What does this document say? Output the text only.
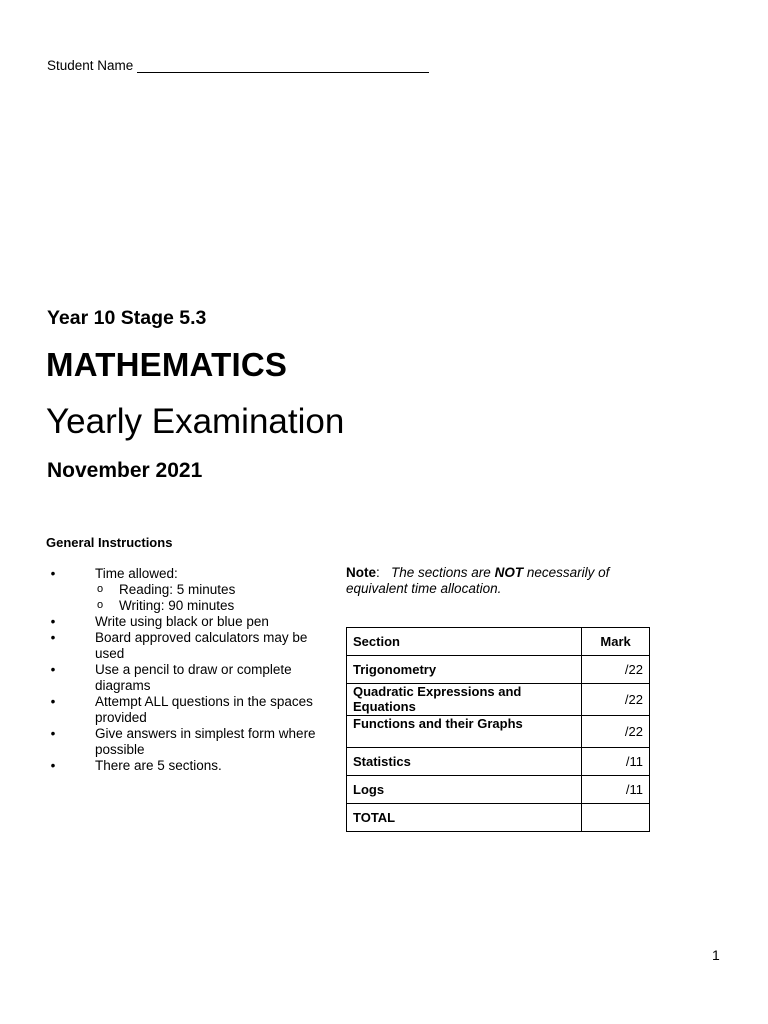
Student Name
Year 10 Stage 5.3
MATHEMATICS
Yearly Examination
November 2021
General Instructions
•	Time allowed:
o Reading: 5 minutes
o Writing: 90 minutes
•	Write using black or blue pen
•	Board approved calculators may be used
•	Use a pencil to draw or complete diagrams
•	Attempt ALL questions in the spaces provided
•	Give answers in simplest form where possible
•	There are 5 sections.
Note:   The sections are NOT necessarily of equivalent time allocation.
Section	Mark
Trigonometry	/22
Quadratic Expressions and Equations	/22
Functions and their Graphs	/22
Statistics	/11
Logs	/11
TOTAL	
1
